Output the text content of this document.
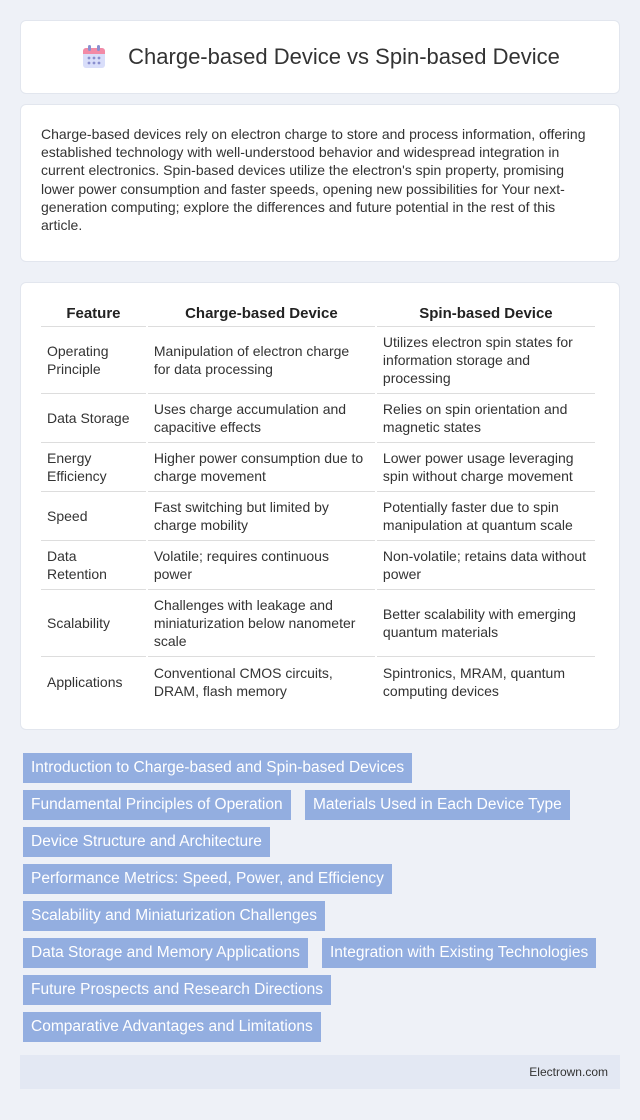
Charge-based Device vs Spin-based Device

Charge-based devices rely on electron charge to store and process information, offering established technology with well-understood behavior and widespread integration in current electronics. Spin-based devices utilize the electron's spin property, promising lower power consumption and faster speeds, opening new possibilities for Your next-generation computing; explore the differences and future potential in the rest of this article.

Feature	Charge-based Device	Spin-based Device
Operating Principle	Manipulation of electron charge for data processing	Utilizes electron spin states for information storage and processing
Data Storage	Uses charge accumulation and capacitive effects	Relies on spin orientation and magnetic states
Energy Efficiency	Higher power consumption due to charge movement	Lower power usage leveraging spin without charge movement
Speed	Fast switching but limited by charge mobility	Potentially faster due to spin manipulation at quantum scale
Data Retention	Volatile; requires continuous power	Non-volatile; retains data without power
Scalability	Challenges with leakage and miniaturization below nanometer scale	Better scalability with emerging quantum materials
Applications	Conventional CMOS circuits, DRAM, flash memory	Spintronics, MRAM, quantum computing devices
Introduction to Charge-based and Spin-based Devices
Fundamental Principles of Operation	Materials Used in Each Device Type
Device Structure and Architecture
Performance Metrics: Speed, Power, and Efficiency
Scalability and Miniaturization Challenges
Data Storage and Memory Applications	Integration with Existing Technologies
Future Prospects and Research Directions
Comparative Advantages and Limitations
Electrown.com
